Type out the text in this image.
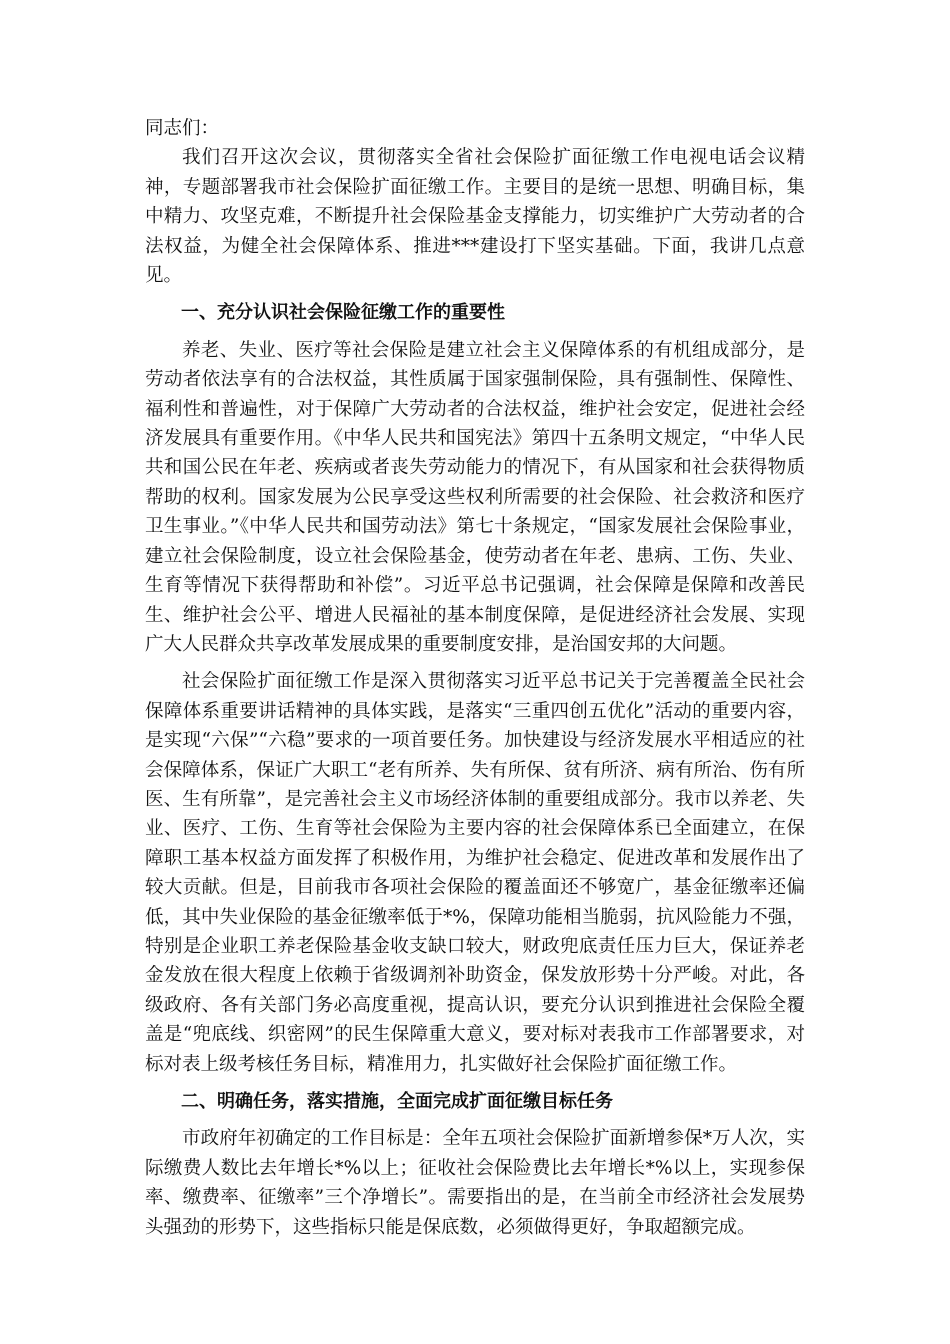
同志们：

我们召开这次会议，贯彻落实全省社会保险扩面征缴工作电视电话会议精神，专题部署我市社会保险扩面征缴工作。主要目的是统一思想、明确目标，集中精力、攻坚克难，不断提升社会保险基金支撑能力，切实维护广大劳动者的合法权益，为健全社会保障体系、推进***建设打下坚实基础。下面，我讲几点意见。

一、充分认识社会保险征缴工作的重要性

养老、失业、医疗等社会保险是建立社会主义保障体系的有机组成部分，是劳动者依法享有的合法权益，其性质属于国家强制保险，具有强制性、保障性、福利性和普遍性，对于保障广大劳动者的合法权益，维护社会安定，促进社会经济发展具有重要作用。《中华人民共和国宪法》第四十五条明文规定，“中华人民共和国公民在年老、疾病或者丧失劳动能力的情况下，有从国家和社会获得物质帮助的权利。国家发展为公民享受这些权利所需要的社会保险、社会救济和医疗卫生事业。”《中华人民共和国劳动法》第七十条规定，“国家发展社会保险事业，建立社会保险制度，设立社会保险基金，使劳动者在年老、患病、工伤、失业、生育等情况下获得帮助和补偿”。习近平总书记强调，社会保障是保障和改善民生、维护社会公平、增进人民福祉的基本制度保障，是促进经济社会发展、实现广大人民群众共享改革发展成果的重要制度安排，是治国安邦的大问题。

社会保险扩面征缴工作是深入贯彻落实习近平总书记关于完善覆盖全民社会保障体系重要讲话精神的具体实践，是落实“三重四创五优化”活动的重要内容，是实现“六保”“六稳”要求的一项首要任务。加快建设与经济发展水平相适应的社会保障体系，保证广大职工“老有所养、失有所保、贫有所济、病有所治、伤有所医、生有所靠”，是完善社会主义市场经济体制的重要组成部分。我市以养老、失业、医疗、工伤、生育等社会保险为主要内容的社会保障体系已全面建立，在保障职工基本权益方面发挥了积极作用，为维护社会稳定、促进改革和发展作出了较大贡献。但是，目前我市各项社会保险的覆盖面还不够宽广，基金征缴率还偏低，其中失业保险的基金征缴率低于*%，保障功能相当脆弱，抗风险能力不强，特别是企业职工养老保险基金收支缺口较大，财政兜底责任压力巨大，保证养老金发放在很大程度上依赖于省级调剂补助资金，保发放形势十分严峻。对此，各级政府、各有关部门务必高度重视，提高认识，要充分认识到推进社会保险全覆盖是“兜底线、织密网”的民生保障重大意义，要对标对表我市工作部署要求，对标对表上级考核任务目标，精准用力，扎实做好社会保险扩面征缴工作。

二、明确任务，落实措施，全面完成扩面征缴目标任务

市政府年初确定的工作目标是：全年五项社会保险扩面新增参保*万人次，实际缴费人数比去年增长*%以上；征收社会保险费比去年增长*%以上，实现参保率、缴费率、征缴率”三个净增长”。需要指出的是，在当前全市经济社会发展势头强劲的形势下，这些指标只能是保底数，必须做得更好，争取超额完成。
